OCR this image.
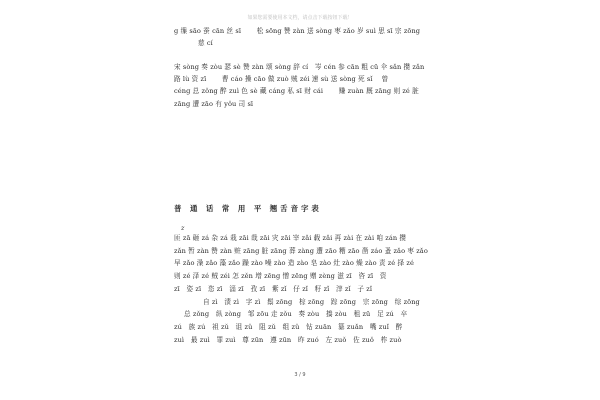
如果您需要使用本文档，请点击下载按钮下载！
g 缫 sāo 蚕 cān 丝 sī　　 松 sōng 赞 zàn 送 sòng 枣 zǎo 岁 suì 思 sī 宗 zōng
慈 cí
宋 sòng 奏 zòu 瑟 sè 赞 zàn 颂 sòng 辞 cí　岑 cén 参 cān 粗 cū 伞 sǎn 攒 zǎn
路 lù 资 zī　　 曹 cáo 操 cāo 做 zuò 贼 zéi 速 sù 送 sòng 死 sǐ　 曾
céng 总 zǒng 醉 zuì 色 sè 藏 cáng 私 sī 财 cái　　 赚 zuàn 厩 zāng 则 zé 脏
zāng 遭 zāo 有 yǒu 司 sī
普 通 话 常 用 平 翘舌音字表
z
匝 zā 砸 zá 杂 zá 栽 zāi 哉 zāi 灾 zāi 宰 zǎi 载 zǎi 再 zài 在 zài 咱 zán 攒
zǎn 暂 zàn 赞 zàn 赃 zāng 脏 zāng 葬 zàng 遭 zāo 糟 zāo 凿 záo 蚤 zǎo 枣 zǎo
早 zǎo 澡 zǎo 藻 zǎo 躁 zào 噪 zào 造 zào 皂 zào 灶 zào 燥 zào 责 zé 择 zé
则 zé 泽 zé 贼 zéi 怎 zěn 增 zēng 憎 zēng 赠 zèng 滋 zī　咨 zī　资
zī　姿 zī　恣 zī　淄 zī　孜 zī　紫 zǐ　仔 zǐ　籽 zǐ　滓 zǐ　子 zǐ
自 zì　渍 zì　字 zì　鬃 zōng　棕 zōng　踪 zōng　宗 zōng　综 zōng
总 zǒng　纵 zòng　邹 zōu 走 zǒu　奏 zòu　揍 zòu　租 zū　足 zú　卒
zú　族 zú　祖 zǔ　诅 zǔ　阻 zǔ　组 zǔ　钻 zuān　纂 zuǎn　嘴 zuǐ　醉
zuì　最 zuì　罪 zuì　尊 zūn　遵 zūn　昨 zuó　左 zuǒ　佐 zuǒ　柞 zuò
3 / 9
